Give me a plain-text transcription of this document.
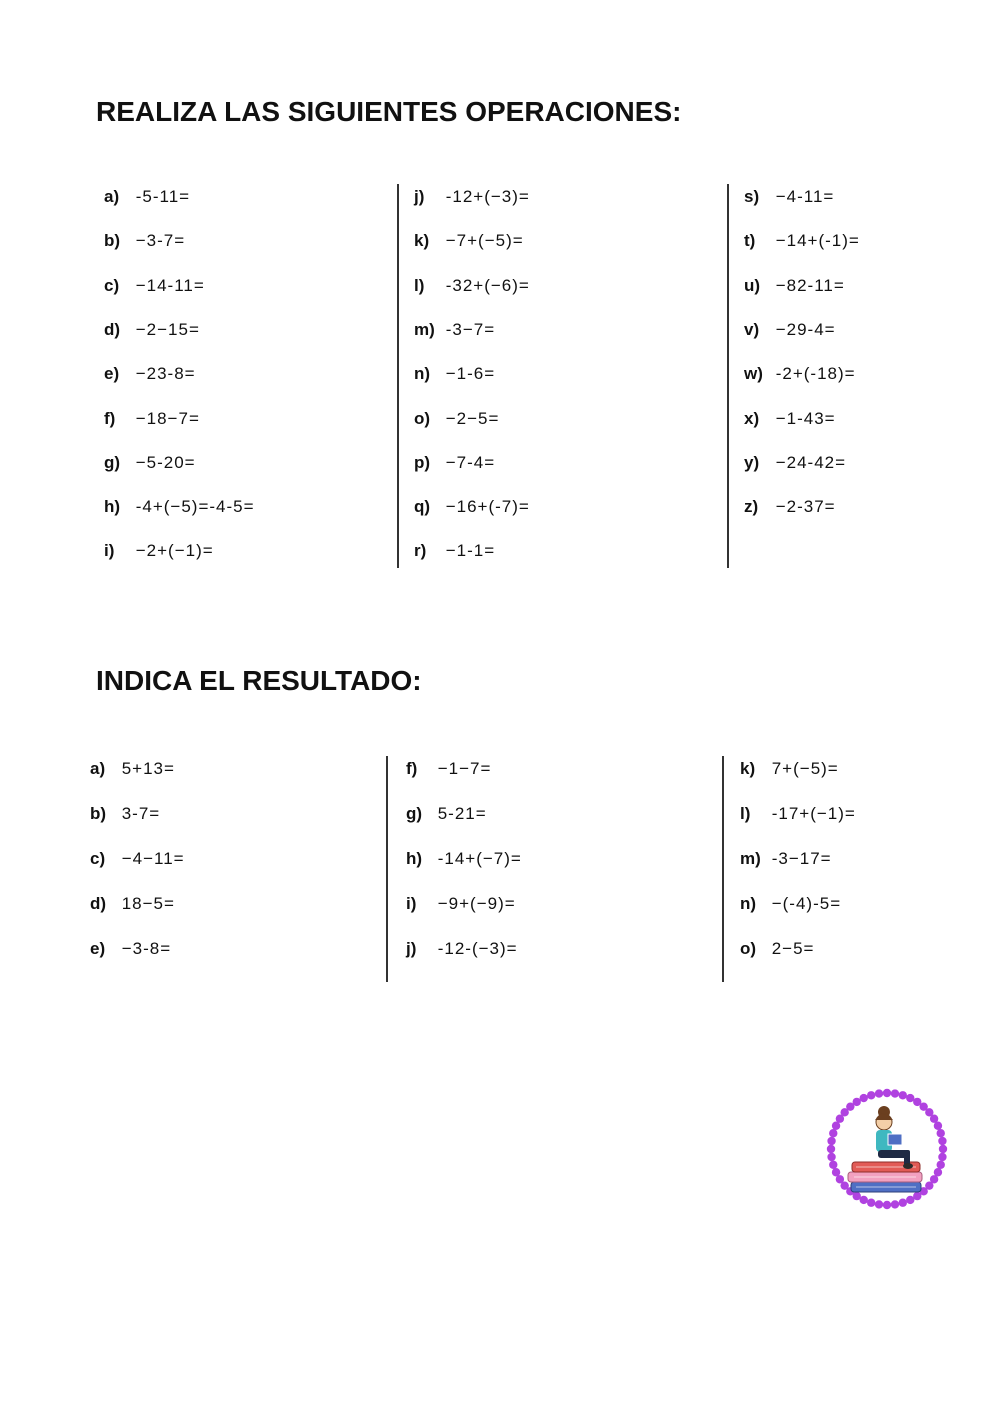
REALIZA LAS SIGUIENTES OPERACIONES:
a) -5-11=
b) −3-7=
c) −14-11=
d) −2−15=
e) −23-8=
f) −18−7=
g) −5-20=
h) -4+(−5)=-4-5=
i) −2+(−1)=
j) -12+(−3)=
k) −7+(−5)=
l) -32+(−6)=
m) -3−7=
n) −1-6=
o) −2−5=
p) −7-4=
q) −16+(-7)=
r) −1-1=
s) −4-11=
t) −14+(-1)=
u) −82-11=
v) −29-4=
w) -2+(-18)=
x) −1-43=
y) −24-42=
z) −2-37=
INDICA EL RESULTADO:
a) 5+13=
b) 3-7=
c) −4−11=
d) 18−5=
e) −3-8=
f) −1−7=
g) 5-21=
h) -14+(−7)=
i) −9+(−9)=
j) -12-(−3)=
k) 7+(−5)=
l) -17+(−1)=
m) -3−17=
n) −(-4)-5=
o) 2−5=
